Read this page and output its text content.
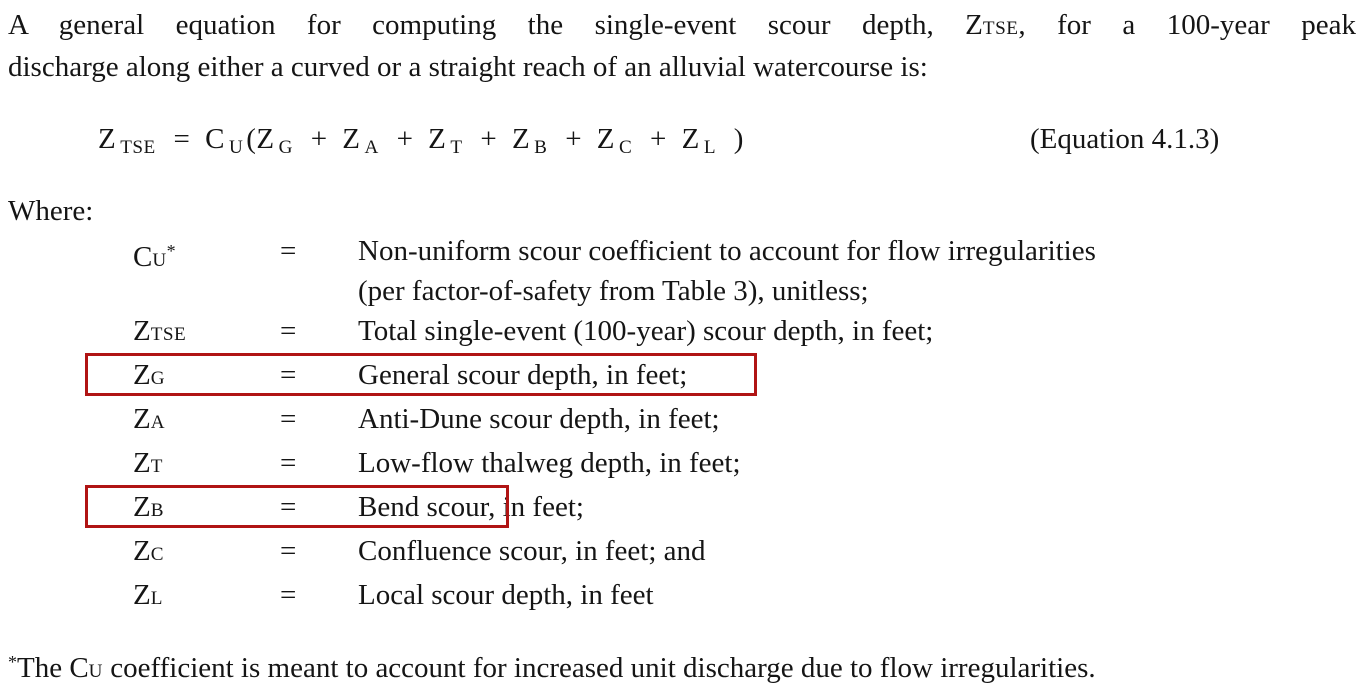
A general equation for computing the single-event scour depth, ZTSE, for a 100-year peak
discharge along either a curved or a straight reach of an alluvial watercourse is:
Z $_{TSE}$ = C $_U$ (Z $_G$ + Z $_A$ + Z $_T$ + Z $_B$ + Z $_C$ + Z $_L$ )	(Equation 4.1.3)
Where:
CU*	=	Non-uniform scour coefficient to account for flow irregularities
(per factor-of-safety from Table 3), unitless;
ZTSE	=	Total single-event (100-year) scour depth, in feet;
ZG	=	General scour depth, in feet;
ZA	=	Anti-Dune scour depth, in feet;
ZT	=	Low-flow thalweg depth, in feet;
ZB	=	Bend scour, in feet;
ZC	=	Confluence scour, in feet; and
ZL	=	Local scour depth, in feet
*The CU coefficient is meant to account for increased unit discharge due to flow irregularities.
